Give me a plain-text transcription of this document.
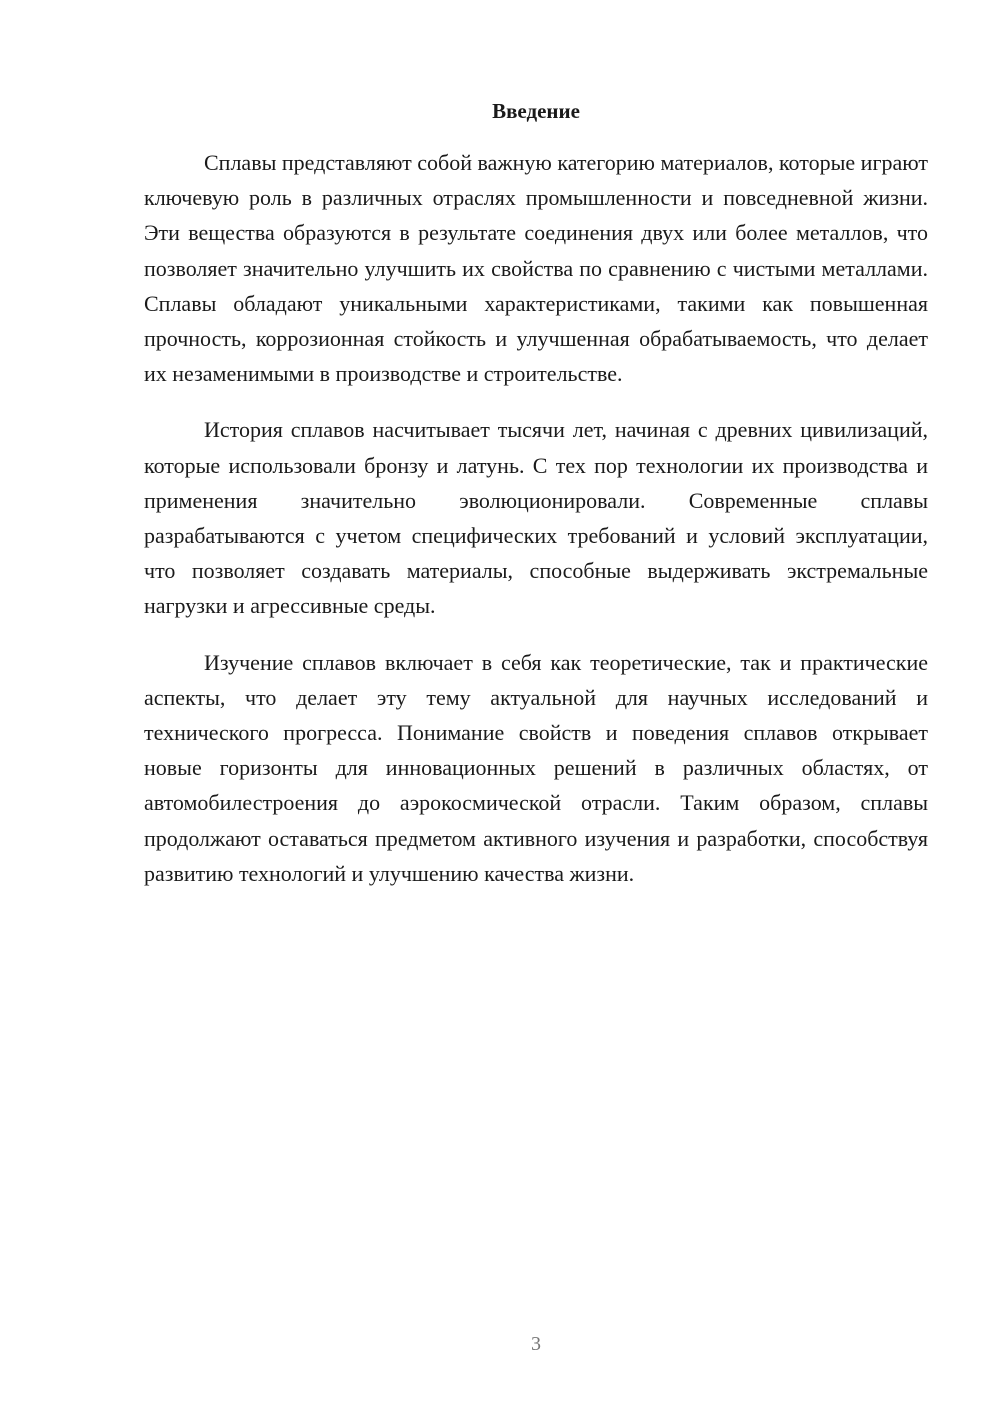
Введение

Сплавы представляют собой важную категорию материалов, которые играют ключевую роль в различных отраслях промышленности и повседневной жизни. Эти вещества образуются в результате соединения двух или более металлов, что позволяет значительно улучшить их свойства по сравнению с чистыми металлами. Сплавы обладают уникальными характеристиками, такими как повышенная прочность, коррозионная стойкость и улучшенная обрабатываемость, что делает их незаменимыми в производстве и строительстве.

История сплавов насчитывает тысячи лет, начиная с древних цивилизаций, которые использовали бронзу и латунь. С тех пор технологии их производства и применения значительно эволюционировали. Современные сплавы разрабатываются с учетом специфических требований и условий эксплуатации, что позволяет создавать материалы, способные выдерживать экстремальные нагрузки и агрессивные среды.

Изучение сплавов включает в себя как теоретические, так и практические аспекты, что делает эту тему актуальной для научных исследований и технического прогресса. Понимание свойств и поведения сплавов открывает новые горизонты для инновационных решений в различных областях, от автомобилестроения до аэрокосмической отрасли. Таким образом, сплавы продолжают оставаться предметом активного изучения и разработки, способствуя развитию технологий и улучшению качества жизни.

3
